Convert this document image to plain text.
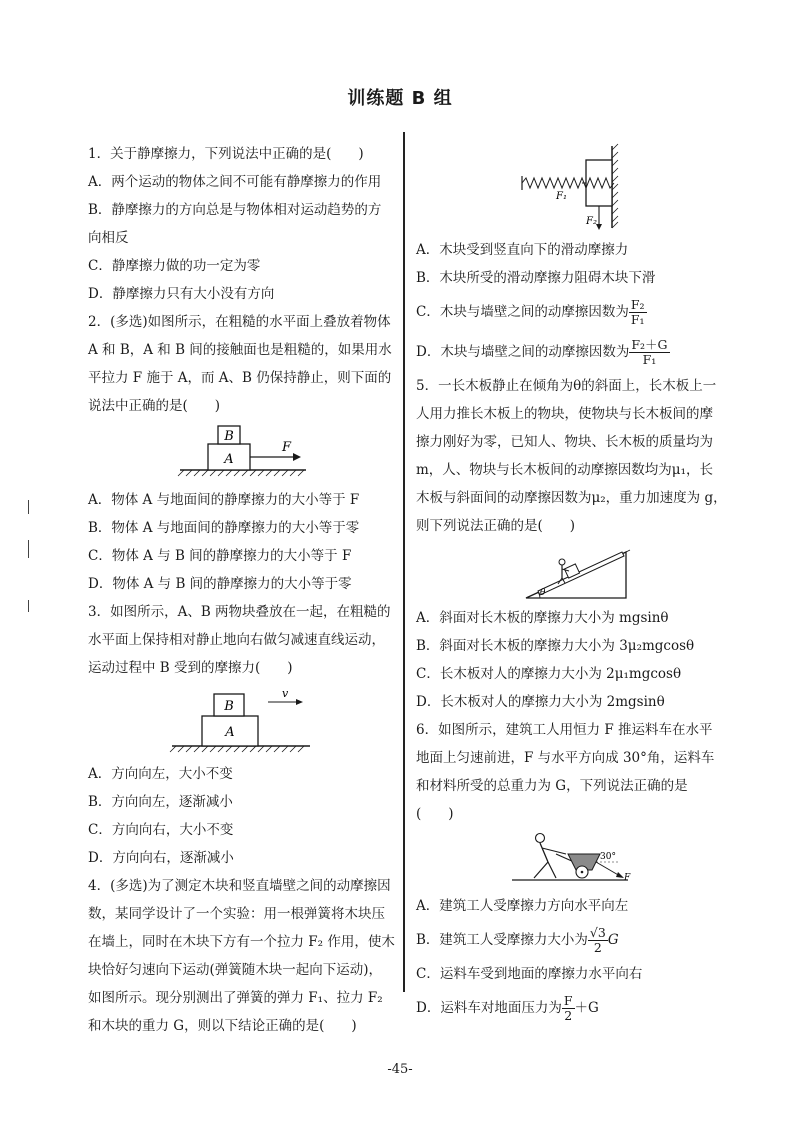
训练题 B 组
1．关于静摩擦力，下列说法中正确的是(　　)
A．两个运动的物体之间不可能有静摩擦力的作用
B．静摩擦力的方向总是与物体相对运动趋势的方
向相反
C．静摩擦力做的功一定为零
D．静摩擦力只有大小没有方向
2．(多选)如图所示，在粗糙的水平面上叠放着物体
A 和 B，A 和 B 间的接触面也是粗糙的，如果用水
平拉力 F 施于 A，而 A、B 仍保持静止，则下面的
说法中正确的是(　　)
B
A
F
A．物体 A 与地面间的静摩擦力的大小等于 F
B．物体 A 与地面间的静摩擦力的大小等于零
C．物体 A 与 B 间的静摩擦力的大小等于 F
D．物体 A 与 B 间的静摩擦力的大小等于零
3．如图所示，A、B 两物块叠放在一起，在粗糙的
水平面上保持相对静止地向右做匀减速直线运动，
运动过程中 B 受到的摩擦力(　　)
B
A
v
A．方向向左，大小不变
B．方向向左，逐渐减小
C．方向向右，大小不变
D．方向向右，逐渐减小
4．(多选)为了测定木块和竖直墙壁之间的动摩擦因
数，某同学设计了一个实验：用一根弹簧将木块压
在墙上，同时在木块下方有一个拉力 F₂ 作用，使木
块恰好匀速向下运动(弹簧随木块一起向下运动)，
如图所示。现分别测出了弹簧的弹力 F₁、拉力 F₂
和木块的重力 G，则以下结论正确的是(　　)
F₁
F₂
A．木块受到竖直向下的滑动摩擦力
B．木块所受的滑动摩擦力阻碍木块下滑
C．木块与墙壁之间的动摩擦因数为 $\frac{\text{F₂}}{\text{F₁}}$
D．木块与墙壁之间的动摩擦因数为 $\frac{\text{F₂＋G}}{\text{F₁}}$
5．一长木板静止在倾角为θ的斜面上，长木板上一
人用力推长木板上的物块，使物块与长木板间的摩
擦力刚好为零，已知人、物块、长木板的质量均为
m，人、物块与长木板间的动摩擦因数均为μ₁，长
木板与斜面间的动摩擦因数为μ₂，重力加速度为 g，
则下列说法正确的是(　　)
θ
A．斜面对长木板的摩擦力大小为 mgsinθ
B．斜面对长木板的摩擦力大小为 3μ₂mgcosθ
C．长木板对人的摩擦力大小为 2μ₁mgcosθ
D．长木板对人的摩擦力大小为 2mgsinθ
6．如图所示，建筑工人用恒力 F 推运料车在水平
地面上匀速前进，F 与水平方向成 30°角，运料车
和材料所受的总重力为 G，下列说法正确的是
(　　)
30°
F
A．建筑工人受摩擦力方向水平向左
B．建筑工人受摩擦力大小为 $\frac{√3}{2}$ G
C．运料车受到地面的摩擦力水平向右
D．运料车对地面压力为 $\frac{F}{2} +G$
-45-
